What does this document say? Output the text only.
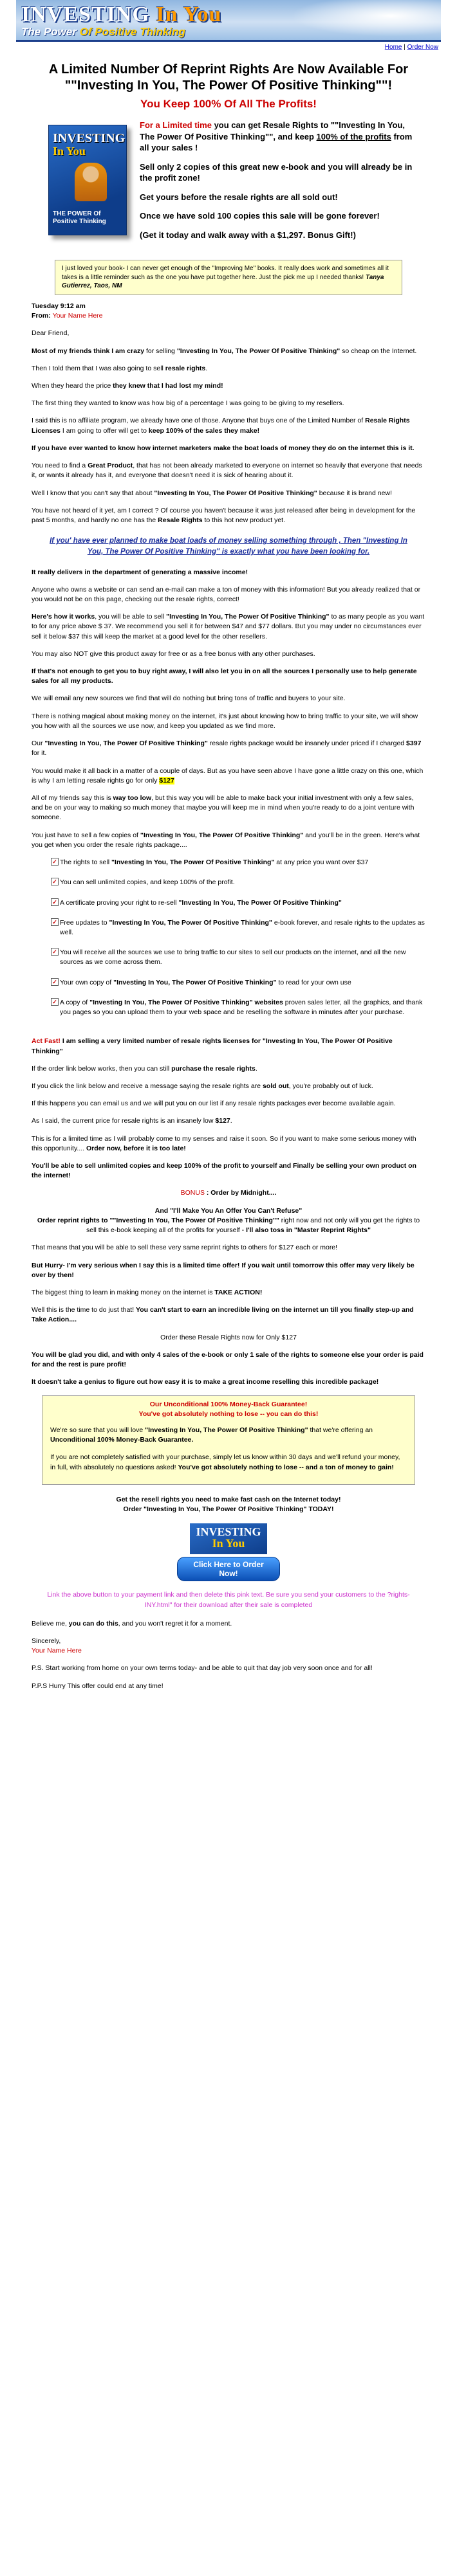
INVESTING In You
The Power Of Positive Thinking
Home | Order Now
A Limited Number Of Reprint Rights Are Now Available For ""Investing In You, The Power Of Positive Thinking""!
You Keep 100% Of All The Profits!
INVESTING
In You
THE POWER Of Positive Thinking

For a Limited time you can get Resale Rights to ""Investing In You, The Power Of Positive Thinking"", and keep 100% of the profits from all your sales !

Sell only 2 copies of this great new e-book and you will already be in the profit zone!

Get yours before the resale rights are all sold out!

Once we have sold 100 copies this sale will be gone forever!

(Get it today and walk away with a $1,297. Bonus Gift!)

I just loved your book- I can never get enough of the "Improving Me" books. It really does work and sometimes all it takes is a little reminder such as the one you have put together here. Just the pick me up I needed thanks! Tanya Gutierrez, Taos, NM

Tuesday 9:12 am
From: Your Name Here

Dear Friend,

Most of my friends think I am crazy for selling "Investing In You, The Power Of Positive Thinking" so cheap on the Internet.

Then I told them that I was also going to sell resale rights.

When they heard the price they knew that I had lost my mind!

The first thing they wanted to know was how big of a percentage I was going to be giving to my resellers.

I said this is no affiliate program, we already have one of those. Anyone that buys one of the Limited Number of Resale Rights Licenses I am going to offer will get to keep 100% of the sales they make!

If you have ever wanted to know how internet marketers make the boat loads of money they do on the internet this is it.

You need to find a Great Product, that has not been already marketed to everyone on internet so heavily that everyone that needs it, or wants it already has it, and everyone that doesn't need it is sick of hearing about it.

Well I know that you can't say that about "Investing In You, The Power Of Positive Thinking" because it is brand new!

You have not heard of it yet, am I correct ? Of course you haven't because it was just released after being in development for the past 5 months, and hardly no one has the Resale Rights to this hot new product yet.

If you' have ever planned to make boat loads of money selling something through , Then "Investing In You, The Power Of Positive Thinking" is exactly what you have been looking for.

It really delivers in the department of generating a massive income!

Anyone who owns a website or can send an e-mail can make a ton of money with this information! But you already realized that or you would not be on this page, checking out the resale rights, correct!

Here's how it works, you will be able to sell "Investing In You, The Power Of Positive Thinking" to as many people as you want to for any price above $ 37. We recommend you sell it for between $47 and $77 dollars. But you may under no circumstances ever sell it below $37 this will keep the market at a good level for the other resellers.

You may also NOT give this product away for free or as a free bonus with any other purchases.

If that's not enough to get you to buy right away, I will also let you in on all the sources I personally use to help generate sales for all my products.

We will email any new sources we find that will do nothing but bring tons of traffic and buyers to your site.

There is nothing magical about making money on the internet, it's just about knowing how to bring traffic to your site, we will show you how with all the sources we use now, and keep you updated as we find more.

Our "Investing In You, The Power Of Positive Thinking" resale rights package would be insanely under priced if I charged $397 for it.

You would make it all back in a matter of a couple of days. But as you have seen above I have gone a little crazy on this one, which is why I am letting resale rights go for only $127

All of my friends say this is way too low, but this way you will be able to make back your initial investment with only a few sales, and be on your way to making so much money that maybe you will keep me in mind when you're ready to do a joint venture with someone.

You just have to sell a few copies of "Investing In You, The Power Of Positive Thinking" and you'll be in the green. Here's what you get when you order the resale rights package....

✓ The rights to sell "Investing In You, The Power Of Positive Thinking" at any price you want over $37
✓ You can sell unlimited copies, and keep 100% of the profit.
✓ A certificate proving your right to re-sell "Investing In You, The Power Of Positive Thinking"
✓ Free updates to "Investing In You, The Power Of Positive Thinking" e-book forever, and resale rights to the updates as well.
✓ You will receive all the sources we use to bring traffic to our sites to sell our products on the internet, and all the new sources as we come across them.
✓ Your own copy of "Investing In You, The Power Of Positive Thinking" to read for your own use
✓ A copy of "Investing In You, The Power Of Positive Thinking" websites proven sales letter, all the graphics, and thank you pages so you can upload them to your web space and be reselling the software in minutes after your purchase.

Act Fast! I am selling a very limited number of resale rights licenses for "Investing In You, The Power Of Positive Thinking"

If the order link below works, then you can still purchase the resale rights.

If you click the link below and receive a message saying the resale rights are sold out, you're probably out of luck.

If this happens you can email us and we will put you on our list if any resale rights packages ever become available again.

As I said, the current price for resale rights is an insanely low $127.

This is for a limited time as I will probably come to my senses and raise it soon. So if you want to make some serious money with this opportunity.... Order now, before it is too late!

You'll be able to sell unlimited copies and keep 100% of the profit to yourself and Finally be selling your own product on the internet!

BONUS : Order by Midnight....

And "I'll Make You An Offer You Can't Refuse"
Order reprint rights to ""Investing In You, The Power Of Positive Thinking"" right now and not only will you get the rights to sell this e-book keeping all of the profits for yourself - I'll also toss in "Master Reprint Rights"

That means that you will be able to sell these very same reprint rights to others for $127 each or more!

But Hurry- I'm very serious when I say this is a limited time offer! If you wait until tomorrow this offer may very likely be over by then!

The biggest thing to learn in making money on the internet is TAKE ACTION!

Well this is the time to do just that! You can't start to earn an incredible living on the internet un till you finally step-up and Take Action....

Order these Resale Rights now for Only $127

You will be glad you did, and with only 4 sales of the e-book or only 1 sale of the rights to someone else your order is paid for and the rest is pure profit!

It doesn't take a genius to figure out how easy it is to make a great income reselling this incredible package!

Our Unconditional 100% Money-Back Guarantee!
You've got absolutely nothing to lose -- you can do this!

We're so sure that you will love "Investing In You, The Power Of Positive Thinking" that we're offering an Unconditional 100% Money-Back Guarantee.

If you are not completely satisfied with your purchase, simply let us know within 30 days and we'll refund your money, in full, with absolutely no questions asked! You've got absolutely nothing to lose -- and a ton of money to gain!

Get the resell rights you need to make fast cash on the Internet today!
Order "Investing In You, The Power Of Positive Thinking" TODAY!
INVESTING
In You
Click Here to Order Now!
Link the above button to your payment link and then delete this pink text. Be sure you send your customers to the ?rights-INY.html" for their download after their sale is completed

Believe me, you can do this, and you won't regret it for a moment.

Sincerely,
Your Name Here

P.S. Start working from home on your own terms today- and be able to quit that day job very soon once and for all!

P.P.S Hurry This offer could end at any time!
